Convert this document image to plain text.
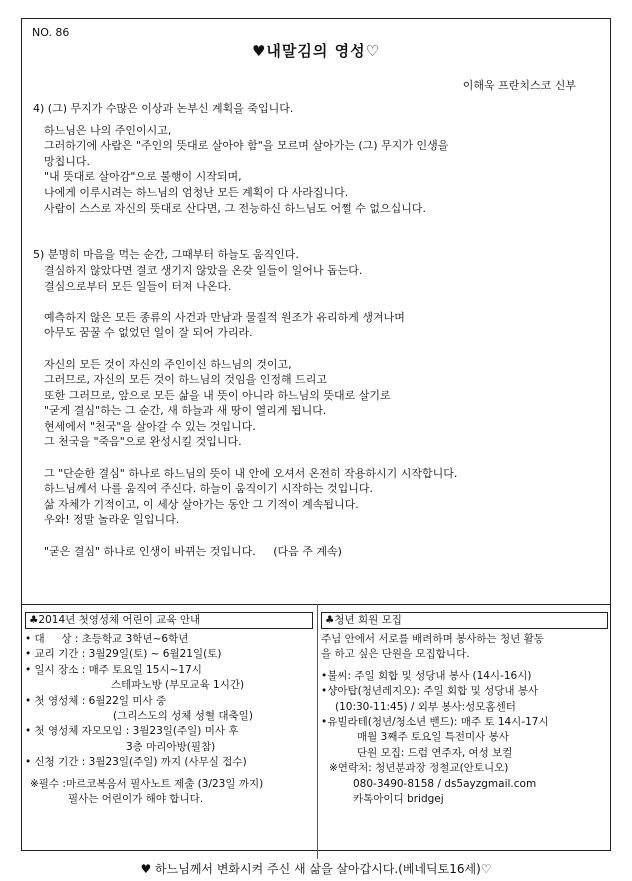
NO. 86
♥내말김의 영성♡
이해욱 프란치스코 신부

4) (그) 무지가 수많은 이상과 논부신 계획을 죽입니다.

하느님은 나의 주인이시고,

그러하기에 사람은 "주인의 뜻대로 살아야 함"을 모르며 살아가는 (그) 무지가 인생을

망칩니다.

"내 뜻대로 살아감"으로 불행이 시작되며,

나에게 이루시려는 하느님의 엄청난 모든 계획이 다 사라집니다.

사람이 스스로 자신의 뜻대로 산다면, 그 전능하신 하느님도 어쩔 수 없으십니다.

5) 분명히 마음을 먹는 순간, 그때부터 하늘도 움직인다.

결심하지 않았다면 결코 생기지 않았을 온갖 일들이 일어나 돕는다.

결심으로부터 모든 일들이 터져 나온다.

예측하지 않은 모든 종류의 사건과 만남과 물질적 원조가 유리하게 생겨나며

아무도 꿈꿀 수 없었던 일이 잘 되어 가리라.

자신의 모든 것이 자신의 주인이신 하느님의 것이고,

그러므로, 자신의 모든 것이 하느님의 것임을 인정해 드리고

또한 그러므로, 앞으로 모든 삶을 내 뜻이 아니라 하느님의 뜻대로 살기로

"굳게 결심"하는 그 순간, 새 하늘과 새 땅이 열리게 됩니다.

현세에서 "천국"을 살아갈 수 있는 것입니다.

그 천국을 "죽음"으로 완성시킬 것입니다.

그 "단순한 결심" 하나로 하느님의 뜻이 내 안에 오셔서 온전히 작용하시기 시작합니다.

하느님께서 나를 움직여 주신다. 하늘이 움직이기 시작하는 것입니다.

삶 자체가 기적이고, 이 세상 살아가는 동안 그 기적이 계속됩니다.

우와! 정말 놀라운 일입니다.

"굳은 결심" 하나로 인생이 바뀌는 것입니다.     (다음 주 계속)

♣2014년 첫영성체 어린이 교육 안내

• 대     상 : 초등학교 3학년~6학년

• 교리 기간 : 3월29일(토) ~ 6월21일(토)

• 일시 장소 : 매주 토요일 15시~17시

스테파노방 (부모교육 1시간)

• 첫 영성체 : 6월22일 미사 중

(그리스도의 성체 성혈 대축일)

• 첫 영성체 자모모임 : 3월23일(주일) 미사 후

3층 마리아방(필참)

• 신청 기간 : 3월23일(주일) 까지 (사무실 접수)

※필수 :마르코복음서 필사노트 제출 (3/23일 까지)

필사는 어린이가 해야 합니다.

♣청년 회원 모집

주님 안에서 서로를 배려하며 봉사하는 청년 활동

을 하고 싶은 단원을 모집합니다.

•불씨: 주일 회합 및 성당내 봉사 (14시-16시)

•샹아탑(청년레지오): 주일 회합 및 성당내 봉사

(10:30-11:45) / 외부 봉사:성모홈센터

•유빌라테(청년/청소년 밴드): 매주 토 14시-17시

매월 3째주 토요일 특전미사 봉사

단원 모집: 드럼 연주자, 여성 보컬

※연락처: 청년분과장 정철교(안토니오)

080-3490-8158 / ds5ayzgmail.com

카톡아이디 bridgej

♥ 하느님께서 변화시켜 주신 새 삶을 살아갑시다.(베네딕토16세)♡
